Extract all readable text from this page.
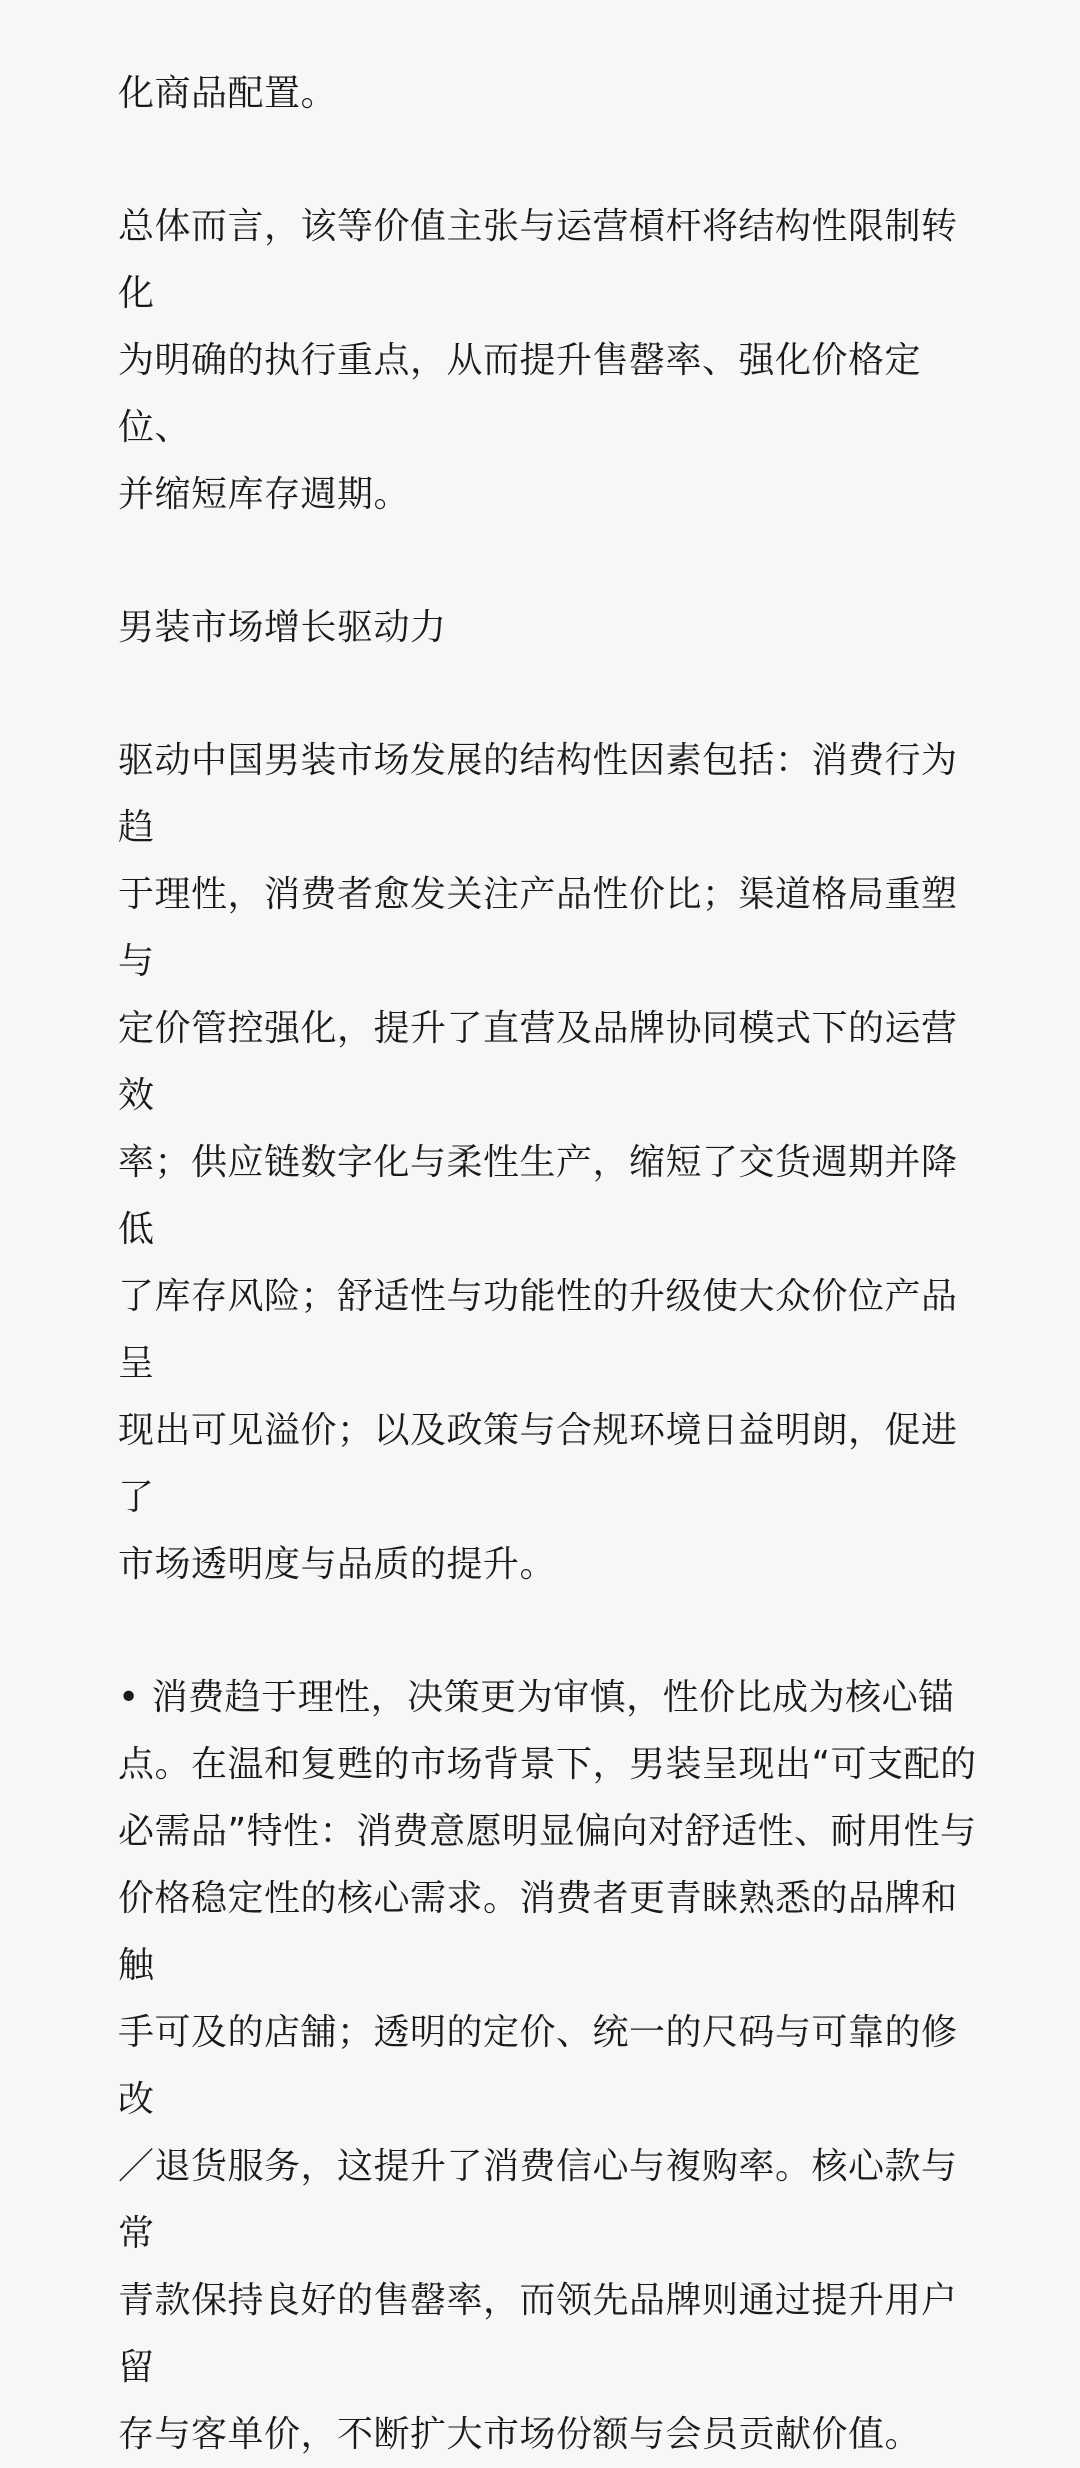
化商品配置。

总体而言，该等价值主张与运营槓杆将结构性限制转化
为明确的执行重点，从而提升售罄率、强化价格定位、
并缩短库存週期。

男装市场增长驱动力

驱动中国男装市场发展的结构性因素包括：消费行为趋
于理性，消费者愈发关注产品性价比；渠道格局重塑与
定价管控强化，提升了直营及品牌协同模式下的运营效
率；供应链数字化与柔性生产，缩短了交货週期并降低
了库存风险；舒适性与功能性的升级使大众价位产品呈
现出可见溢价；以及政策与合规环境日益明朗，促进了
市场透明度与品质的提升。

• 消费趋于理性，决策更为审慎，性价比成为核心锚
点。在温和复甦的市场背景下，男装呈现出“可支配的
必需品”特性：消费意愿明显偏向对舒适性、耐用性与
价格稳定性的核心需求。消费者更青睐熟悉的品牌和触
手可及的店舗；透明的定价、统一的尺码与可靠的修改
／退货服务，这提升了消费信心与複购率。核心款与常
青款保持良好的售罄率，而领先品牌则通过提升用户留
存与客单价，不断扩大市场份额与会员贡献价值。
